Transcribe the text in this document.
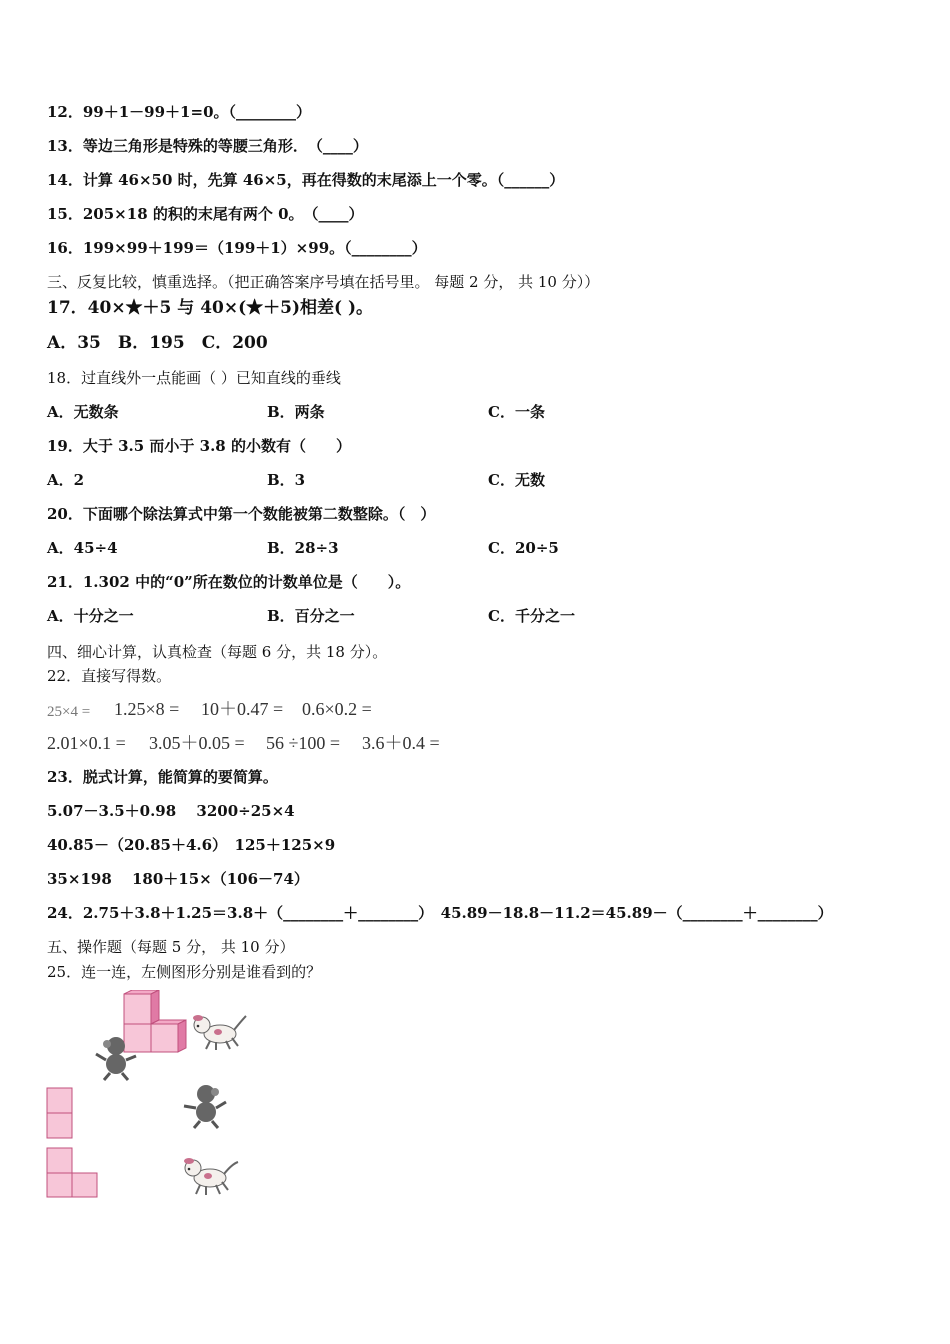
12．99＋1－99＋1=0。（________）
13．等边三角形是特殊的等腰三角形．　（____）
14．计算 46×50 时，先算 46×5，再在得数的末尾添上一个零。（______）
15．205×18 的积的末尾有两个 0。　（____）
16．199×99＋199＝（199＋1）×99。（________）
三、反复比较，慎重选择。（把正确答案序号填在括号里。 每题 2 分， 共 10 分））
17．40×★＋5 与 40×(★＋5)相差( )。
A．35　B．195　C．200
18．过直线外一点能画（ ）已知直线的垂线
A．无数条	B．两条	C．一条
19．大于 3.5 而小于 3.8 的小数有（　　）
A．2	B．3	C．无数
20．下面哪个除法算式中第一个数能被第二数整除。（　）
A．45÷4	B．28÷3	C．20÷5
21．1.302 中的“0”所在数位的计数单位是（　　）。
A．十分之一	B．百分之一	C．千分之一
四、细心计算，认真检查（每题 6 分，共 18 分）。
22．直接写得数。
25×4 = 1.25×8 = 10＋0.47 = 0.6×0.2 =
2.01×0.1 = 3.05＋0.05 = 56 ÷100 = 3.6＋0.4 =
23．脱式计算，能简算的要简算。
5.07－3.5＋0.98　 3200÷25×4
40.85－（20.85＋4.6）　125＋125×9
35×198　 180＋15×（106－74）
24．2.75＋3.8＋1.25＝3.8＋（________＋________）　45.89－18.8－11.2＝45.89－（________＋________）
五、操作题（每题 5 分， 共 10 分）
25．连一连，左侧图形分别是谁看到的？
